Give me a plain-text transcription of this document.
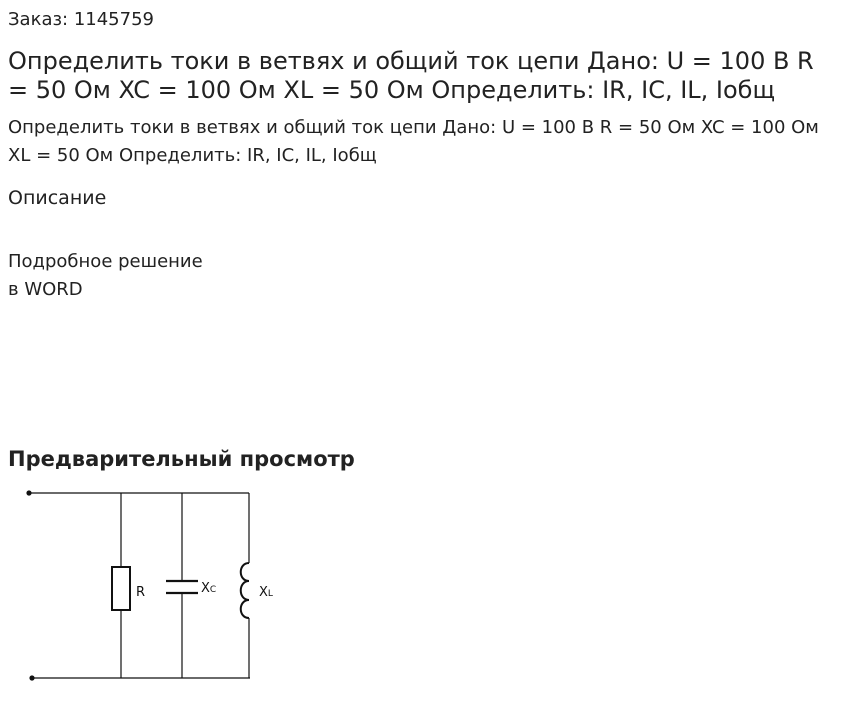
Заказ: 1145759
Определить токи в ветвях и общий ток цепи Дано: U = 100 В R = 50 Ом XC = 100 Ом XL = 50 Ом Определить: IR, IC, IL, Iобщ

Определить токи в ветвях и общий ток цепи Дано: U = 100 В R = 50 Ом XC = 100 Ом XL = 50 Ом Определить: IR, IC, IL, Iобщ

Описание

Подробное решение
в WORD

Предварительный просмотр
R	XC	XL
